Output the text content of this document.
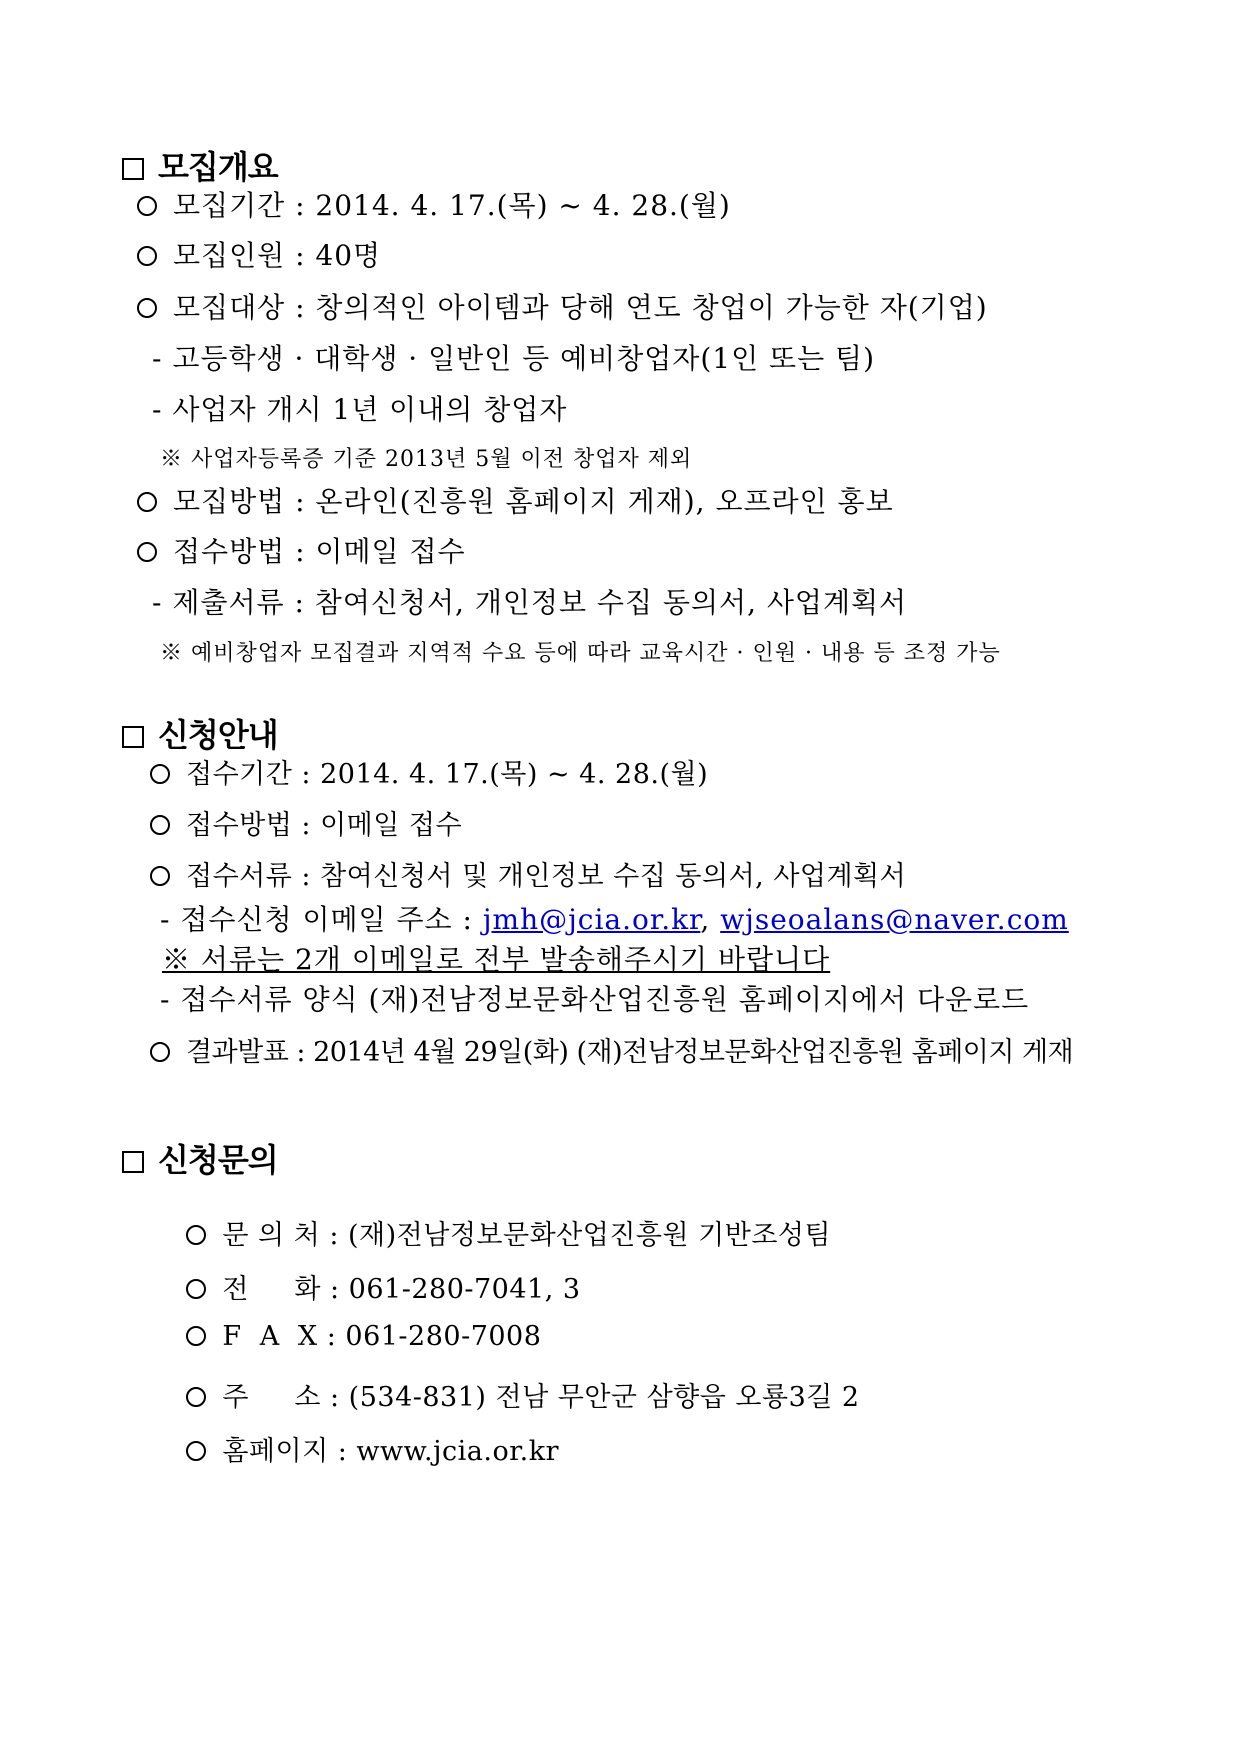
모집개요
모집기간 : 2014. 4. 17.(목) ~ 4. 28.(월)
모집인원 : 40명
모집대상 : 창의적인 아이템과 당해 연도 창업이 가능한 자(기업)
- 고등학생 · 대학생 · 일반인 등 예비창업자(1인 또는 팀)
- 사업자 개시 1년 이내의 창업자
※ 사업자등록증 기준 2013년 5월 이전 창업자 제외
모집방법 : 온라인(진흥원 홈페이지 게재), 오프라인 홍보
접수방법 : 이메일 접수
- 제출서류 : 참여신청서, 개인정보 수집 동의서, 사업계획서
※ 예비창업자 모집결과 지역적 수요 등에 따라 교육시간 · 인원 · 내용 등 조정 가능
신청안내
접수기간 : 2014. 4. 17.(목) ~ 4. 28.(월)
접수방법 : 이메일 접수
접수서류 : 참여신청서 및 개인정보 수집 동의서, 사업계획서
- 접수신청 이메일 주소 : jmh@jcia.or.kr, wjseoalans@naver.com
※ 서류는 2개 이메일로 전부 발송해주시기 바랍니다
- 접수서류 양식 (재)전남정보문화산업진흥원 홈페이지에서 다운로드
결과발표 : 2014년 4월 29일(화) (재)전남정보문화산업진흥원 홈페이지 게재
신청문의

문 의 처 : (재)전남정보문화산업진흥원 기반조성팀

전     화 : 061-280-7041, 3

F  A  X : 061-280-7008

주     소 : (534-831) 전남 무안군 삼향읍 오룡3길 2

홈페이지 : www.jcia.or.kr
